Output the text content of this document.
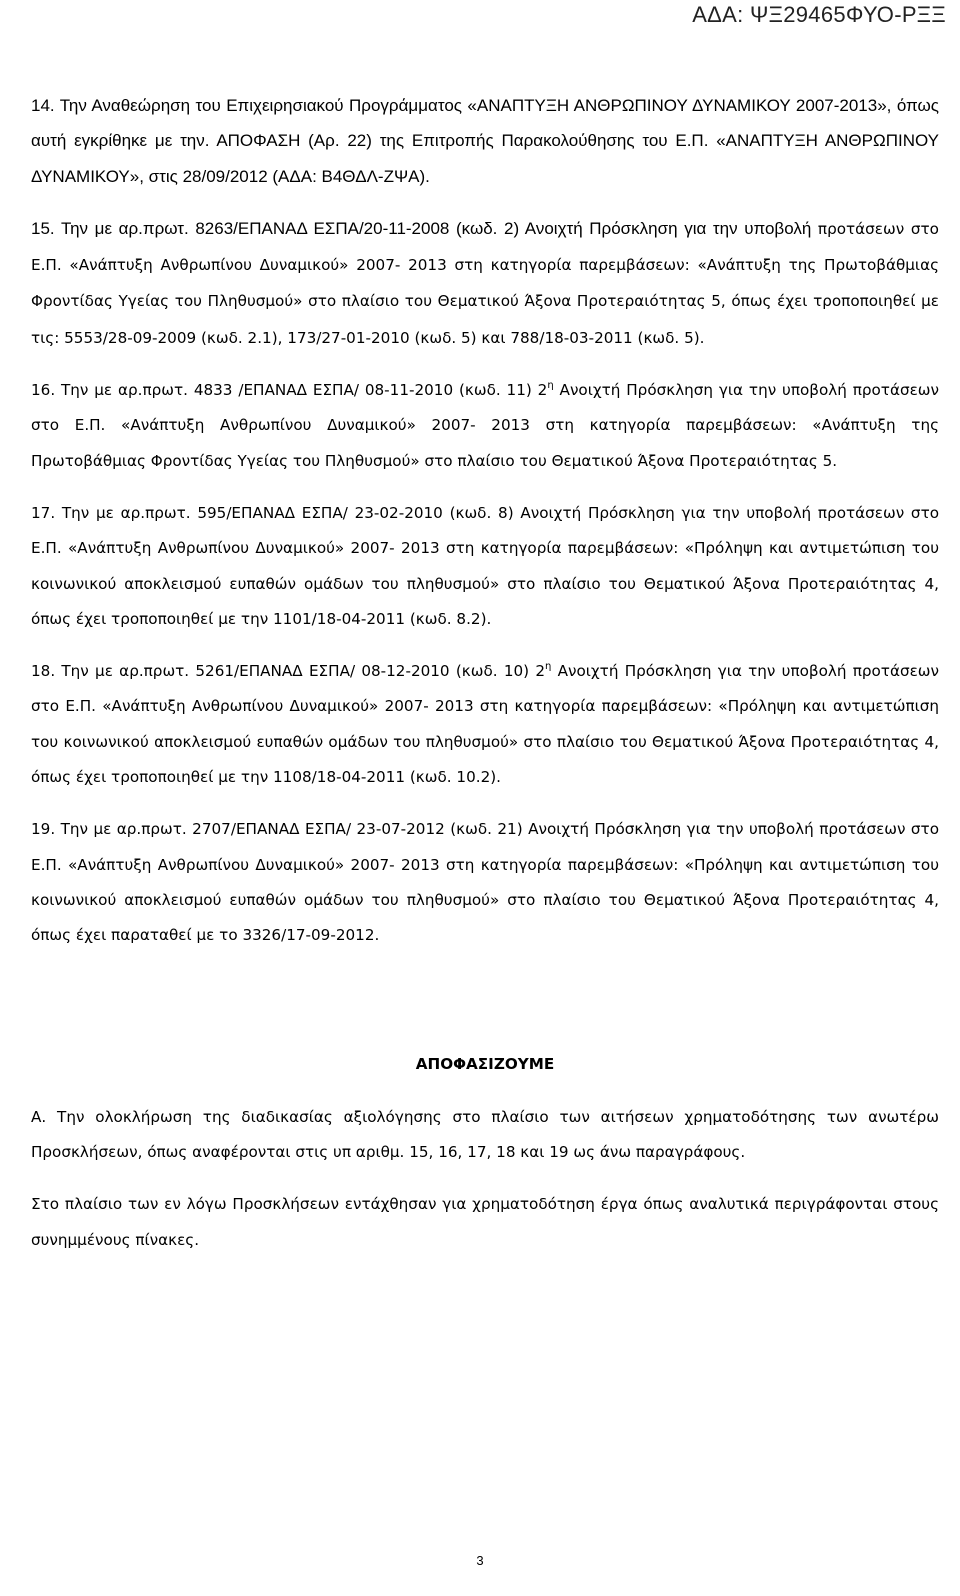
ΑΔΑ: ΨΞ29465ΦΥΟ-ΡΞΞ

14. Την Αναθεώρηση του Επιχειρησιακού Προγράμματος «ΑΝΑΠΤΥΞΗ ΑΝΘΡΩΠΙΝΟΥ ΔΥΝΑΜΙΚΟΥ 2007-2013», όπως αυτή εγκρίθηκε με την. ΑΠΟΦΑΣΗ (Αρ. 22) της Επιτροπής Παρακολούθησης του Ε.Π. «ΑΝΑΠΤΥΞΗ ΑΝΘΡΩΠΙΝΟΥ ΔΥΝΑΜΙΚΟΥ», στις 28/09/2012 (ΑΔΑ: Β4ΘΔΛ-ΖΨΑ).

15. Την με αρ.πρωτ. 8263/ΕΠΑΝΑΔ ΕΣΠΑ/20-11-2008 (κωδ. 2) Ανοιχτή Πρόσκληση για την υποβολή προτάσεων στο Ε.Π. «Ανάπτυξη Ανθρωπίνου Δυναμικού» 2007- 2013 στη κατηγορία παρεμβάσεων: «Ανάπτυξη της Πρωτοβάθμιας Φροντίδας Υγείας του Πληθυσμού» στο πλαίσιο του Θεματικού Άξονα Προτεραιότητας 5, όπως έχει τροποποιηθεί με τις: 5553/28-09-2009 (κωδ. 2.1), 173/27-01-2010 (κωδ. 5) και 788/18-03-2011 (κωδ. 5).

16. Την με αρ.πρωτ. 4833 /ΕΠΑΝΑΔ ΕΣΠΑ/ 08-11-2010 (κωδ. 11) $2^\eta$ Ανοιχτή Πρόσκληση για την υποβολή προτάσεων στο Ε.Π. «Ανάπτυξη Ανθρωπίνου Δυναμικού» 2007- 2013 στη κατηγορία παρεμβάσεων: «Ανάπτυξη της Πρωτοβάθμιας Φροντίδας Υγείας του Πληθυσμού» στο πλαίσιο του Θεματικού Άξονα Προτεραιότητας 5.

17. Την με αρ.πρωτ. 595/ΕΠΑΝΑΔ ΕΣΠΑ/ 23-02-2010 (κωδ. 8) Ανοιχτή Πρόσκληση για την υποβολή προτάσεων στο Ε.Π. «Ανάπτυξη Ανθρωπίνου Δυναμικού» 2007- 2013 στη κατηγορία παρεμβάσεων: «Πρόληψη και αντιμετώπιση του κοινωνικού αποκλεισμού ευπαθών ομάδων του πληθυσμού» στο πλαίσιο του Θεματικού Άξονα Προτεραιότητας 4, όπως έχει τροποποιηθεί με την 1101/18-04-2011 (κωδ. 8.2).

18. Την με αρ.πρωτ. 5261/ΕΠΑΝΑΔ ΕΣΠΑ/ 08-12-2010 (κωδ. 10) $2^\eta$ Ανοιχτή Πρόσκληση για την υποβολή προτάσεων στο Ε.Π. «Ανάπτυξη Ανθρωπίνου Δυναμικού» 2007- 2013 στη κατηγορία παρεμβάσεων: «Πρόληψη και αντιμετώπιση του κοινωνικού αποκλεισμού ευπαθών ομάδων του πληθυσμού» στο πλαίσιο του Θεματικού Άξονα Προτεραιότητας 4, όπως έχει τροποποιηθεί με την 1108/18-04-2011 (κωδ. 10.2).

19. Την με αρ.πρωτ. 2707/ΕΠΑΝΑΔ ΕΣΠΑ/ 23-07-2012 (κωδ. 21) Ανοιχτή Πρόσκληση για την υποβολή προτάσεων στο Ε.Π. «Ανάπτυξη Ανθρωπίνου Δυναμικού» 2007- 2013 στη κατηγορία παρεμβάσεων: «Πρόληψη και αντιμετώπιση του κοινωνικού αποκλεισμού ευπαθών ομάδων του πληθυσμού» στο πλαίσιο του Θεματικού Άξονα Προτεραιότητας 4, όπως έχει παραταθεί με το 3326/17-09-2012.

ΑΠΟΦΑΣΙΖΟΥΜΕ

Α. Την ολοκλήρωση της διαδικασίας αξιολόγησης στο πλαίσιο των αιτήσεων χρηματοδότησης των ανωτέρω Προσκλήσεων, όπως αναφέρονται στις υπ αριθμ. 15, 16, 17, 18 και 19 ως άνω παραγράφους.

Στο πλαίσιο των εν λόγω Προσκλήσεων εντάχθησαν για χρηματοδότηση έργα όπως αναλυτικά περιγράφονται στους συνημμένους πίνακες.

3
